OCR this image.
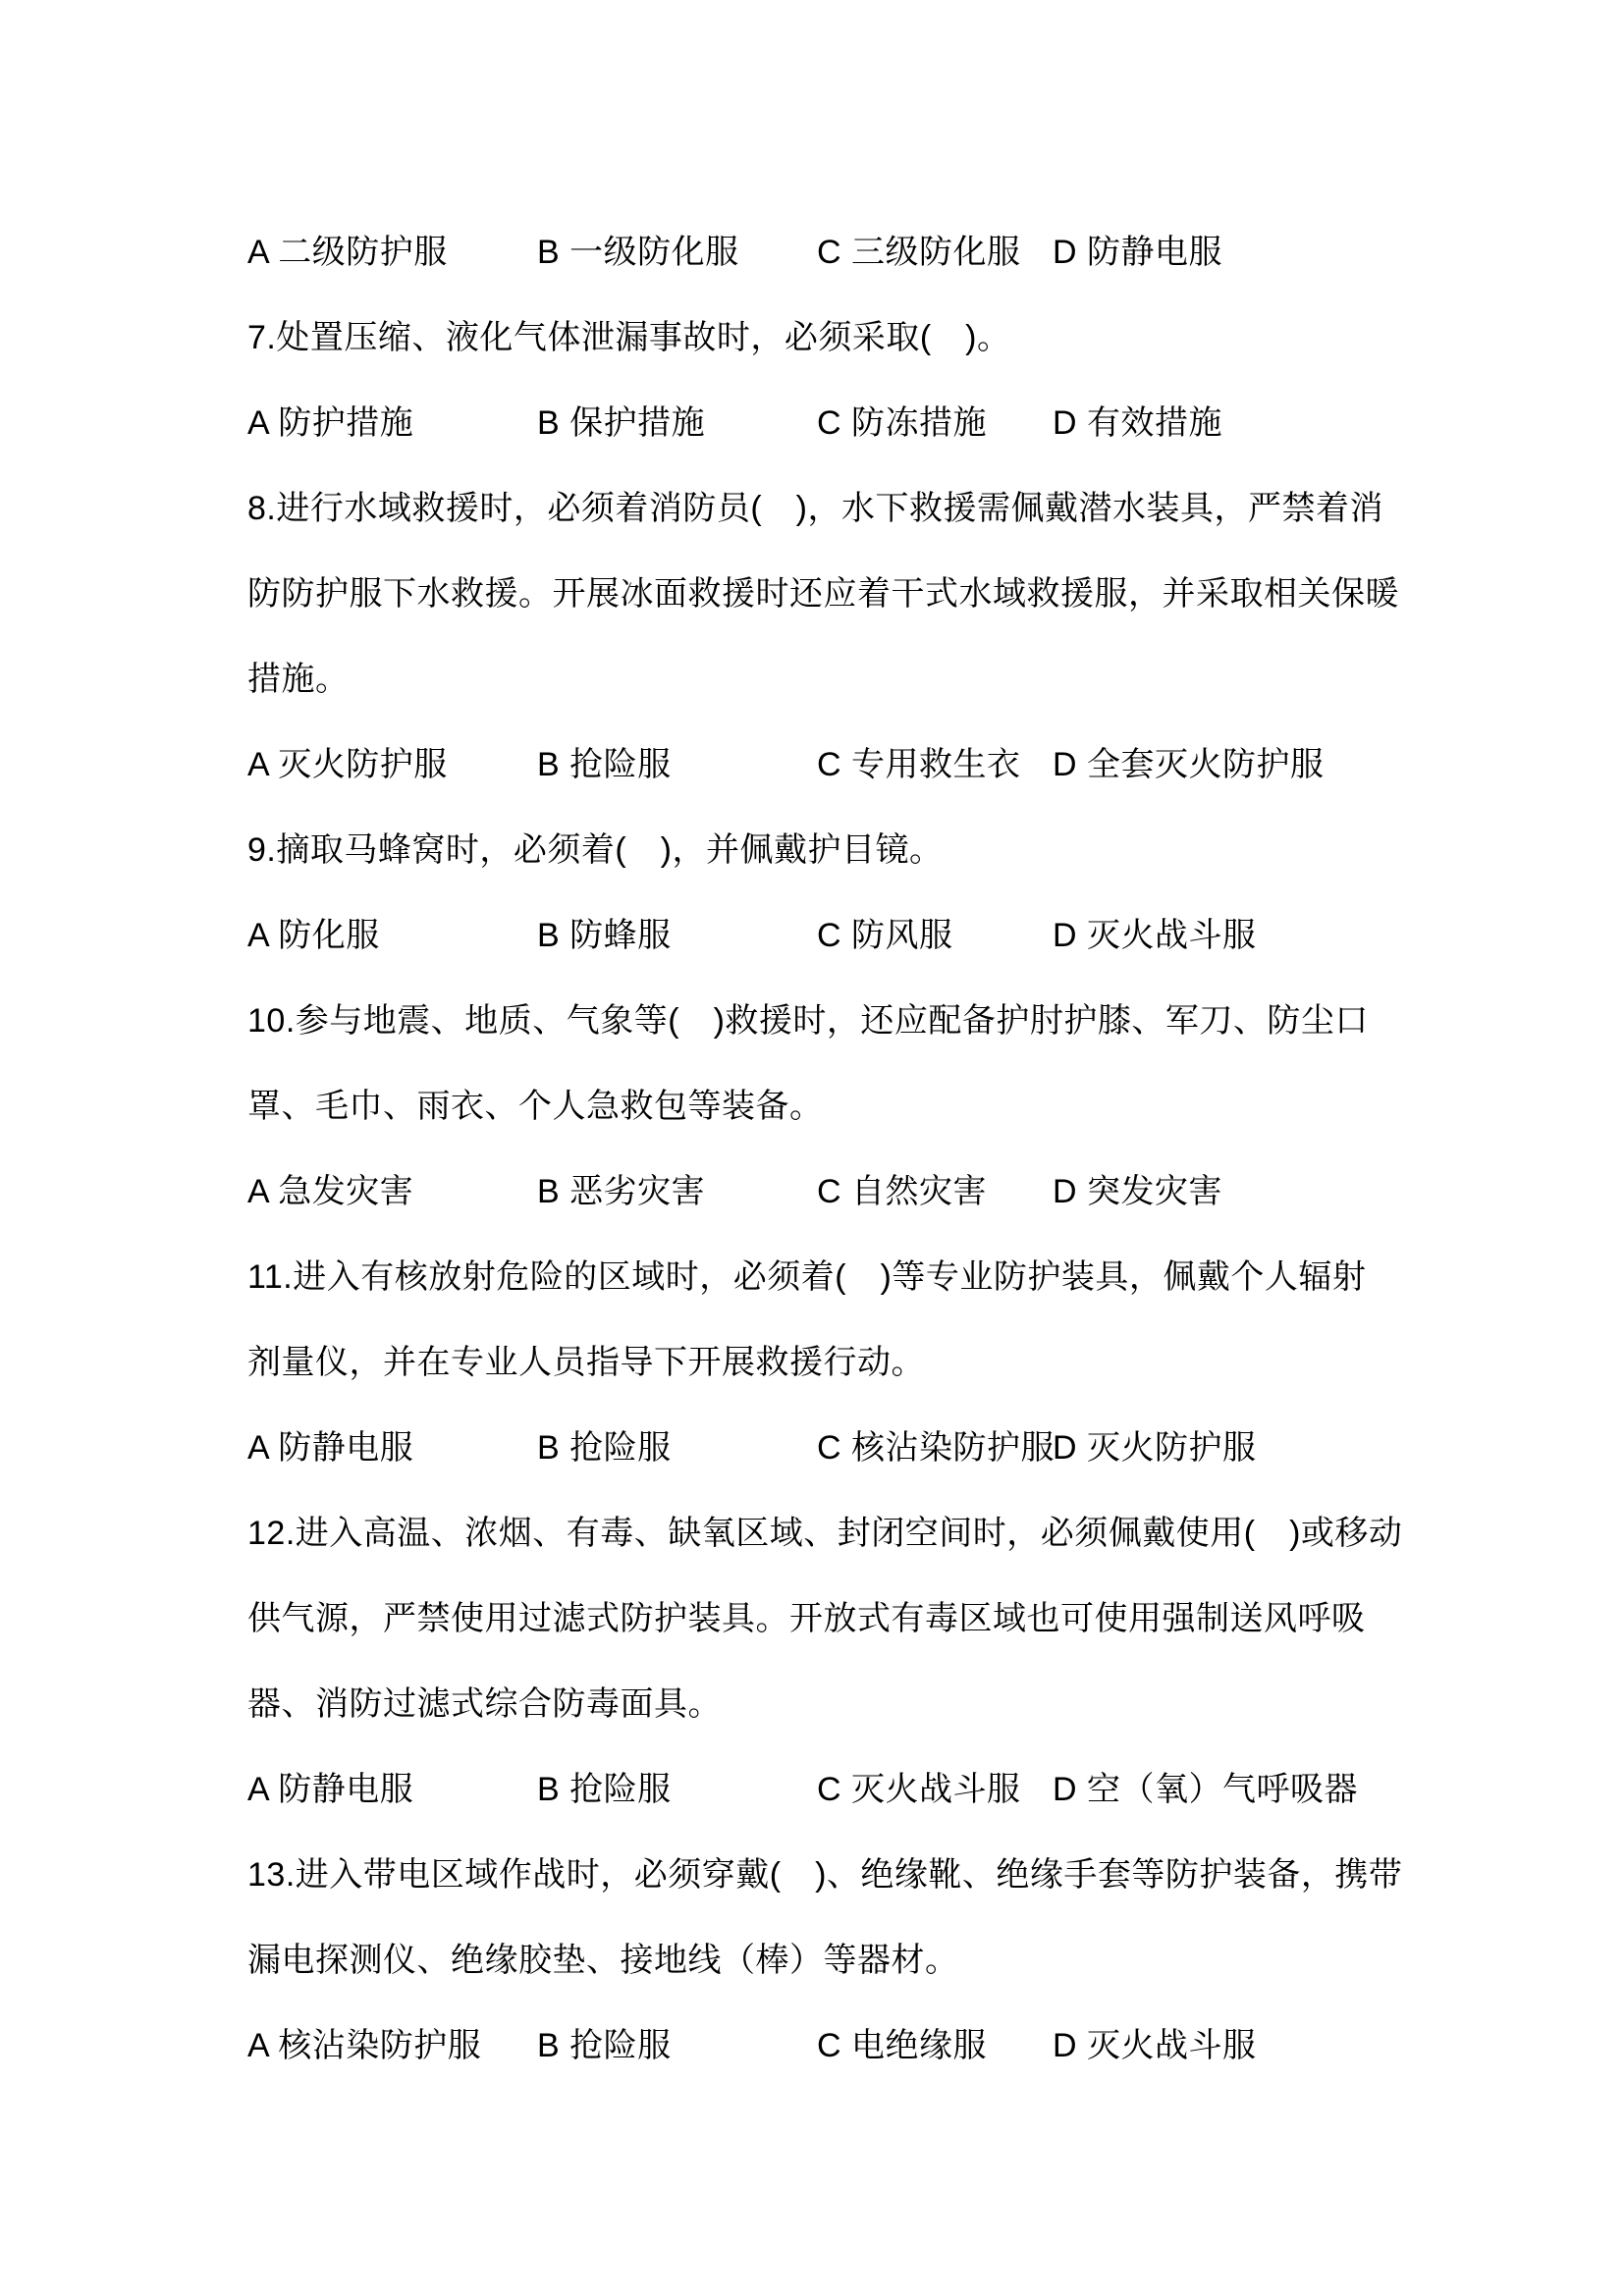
A 二级防护服	B 一级防化服	C 三级防化服 D 防静电服
7.处置压缩、液化气体泄漏事故时，必须采取(　)。
A 防护措施	B 保护措施	C 防冻措施	D 有效措施
8.进行水域救援时，必须着消防员(　)，水下救援需佩戴潜水装具，严禁着消
防防护服下水救援。开展冰面救援时还应着干式水域救援服，并采取相关保暖
措施。
A 灭火防护服	B 抢险服	C 专用救生衣 D 全套灭火防护服
9.摘取马蜂窝时，必须着(　)，并佩戴护目镜。
A 防化服	B 防蜂服	C 防风服	D 灭火战斗服
10.参与地震、地质、气象等(　)救援时，还应配备护肘护膝、军刀、防尘口
罩、毛巾、雨衣、个人急救包等装备。
A 急发灾害	B 恶劣灾害	C 自然灾害	D 突发灾害
11.进入有核放射危险的区域时，必须着(　)等专业防护装具，佩戴个人辐射
剂量仪，并在专业人员指导下开展救援行动。
A 防静电服	B 抢险服	C 核沾染防护服
D 灭火防护服
12.进入高温、浓烟、有毒、缺氧区域、封闭空间时，必须佩戴使用(　)或移动
供气源，严禁使用过滤式防护装具。开放式有毒区域也可使用强制送风呼吸
器、消防过滤式综合防毒面具。
A 防静电服	B 抢险服	C 灭火战斗服 D 空（氧）气呼吸器
13.进入带电区域作战时，必须穿戴(　)、绝缘靴、绝缘手套等防护装备，携带
漏电探测仪、绝缘胶垫、接地线（棒）等器材。
A 核沾染防护服	B 抢险服	C 电绝缘服	D 灭火战斗服
